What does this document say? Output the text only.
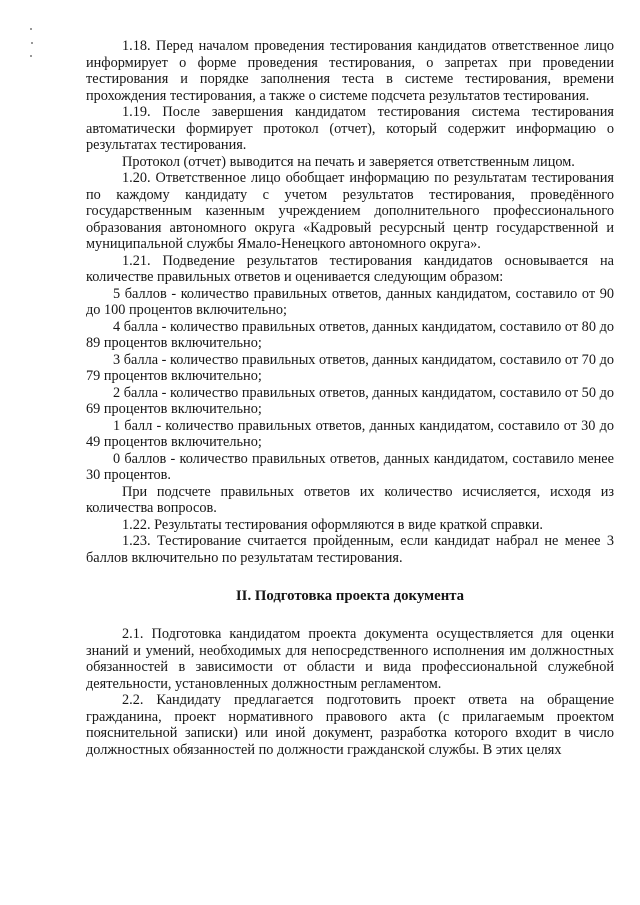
1.18. Перед началом проведения тестирования кандидатов ответственное лицо информирует о форме проведения тестирования, о запретах при проведении тестирования и порядке заполнения теста в системе тестирования, времени прохождения тестирования, а также о системе подсчета результатов тестирования.

1.19. После завершения кандидатом тестирования система тестирования автоматически формирует протокол (отчет), который содержит информацию о результатах тестирования.

Протокол (отчет) выводится на печать и заверяется ответственным лицом.

1.20. Ответственное лицо обобщает информацию по результатам тестирования по каждому кандидату с учетом результатов тестирования, проведённого государственным казенным учреждением дополнительного профессионального образования автономного округа «Кадровый ресурсный центр государственной и муниципальной службы Ямало-Ненецкого автономного округа».

1.21. Подведение результатов тестирования кандидатов основывается на количестве правильных ответов и оценивается следующим образом:

5 баллов - количество правильных ответов, данных кандидатом, составило от 90 до 100 процентов включительно;

4 балла - количество правильных ответов, данных кандидатом, составило от 80 до 89 процентов включительно;

3 балла - количество правильных ответов, данных кандидатом, составило от 70 до 79 процентов включительно;

2 балла - количество правильных ответов, данных кандидатом, составило от 50 до 69 процентов включительно;

1 балл - количество правильных ответов, данных кандидатом, составило от 30 до 49 процентов включительно;

0 баллов - количество правильных ответов, данных кандидатом, составило менее 30 процентов.

При подсчете правильных ответов их количество исчисляется, исходя из количества вопросов.

1.22. Результаты тестирования оформляются в виде краткой справки.

1.23. Тестирование считается пройденным, если кандидат набрал не менее 3 баллов включительно по результатам тестирования.

II. Подготовка проекта документа

2.1. Подготовка кандидатом проекта документа осуществляется для оценки знаний и умений, необходимых для непосредственного исполнения им должностных обязанностей в зависимости от области и вида профессиональной служебной деятельности, установленных должностным регламентом.

2.2. Кандидату предлагается подготовить проект ответа на обращение гражданина, проект нормативного правового акта (с прилагаемым проектом пояснительной записки) или иной документ, разработка которого входит в число должностных обязанностей по должности гражданской службы. В этих целях
